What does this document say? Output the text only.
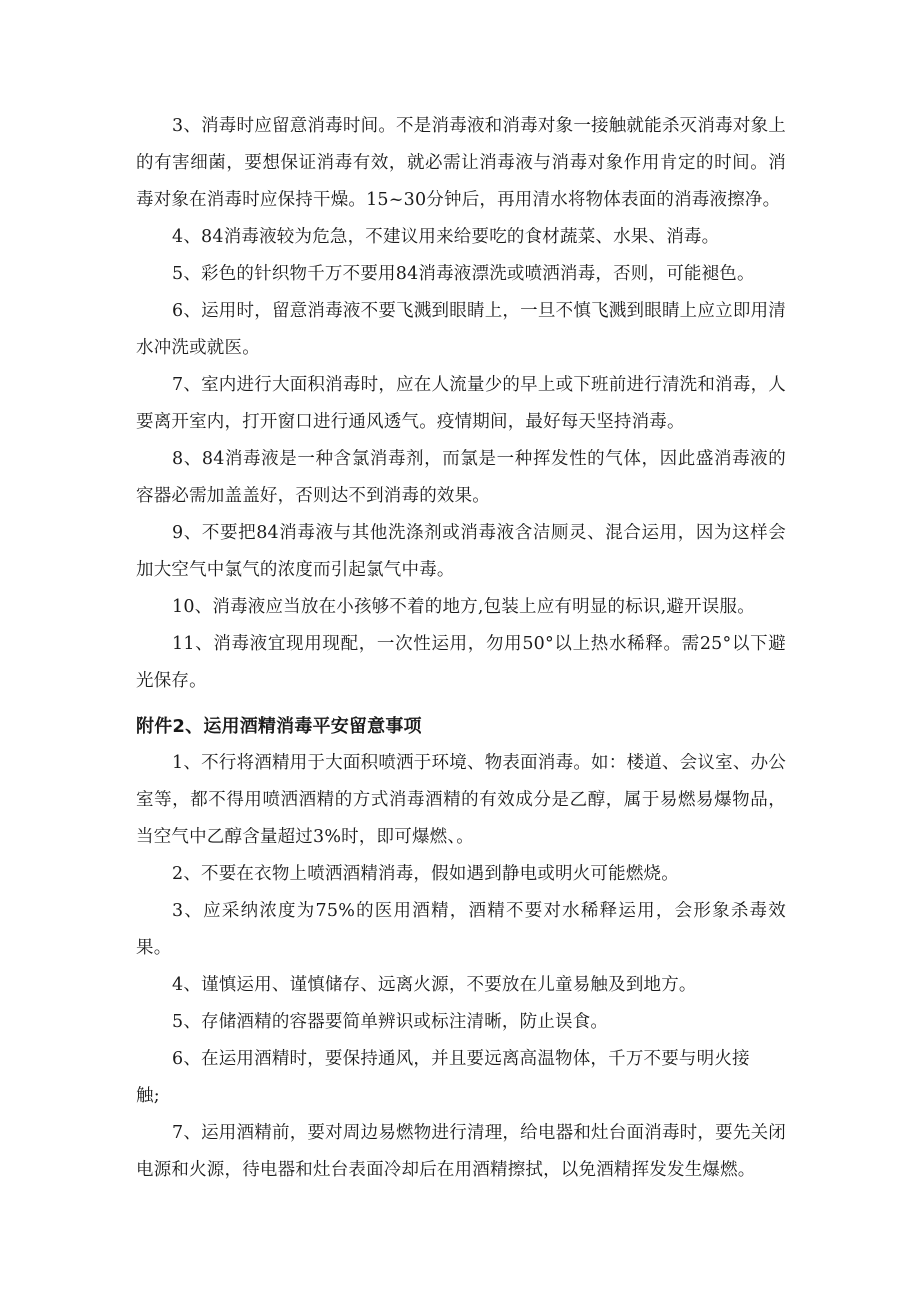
3、消毒时应留意消毒时间。不是消毒液和消毒对象一接触就能杀灭消毒对象上的有害细菌，要想保证消毒有效，就必需让消毒液与消毒对象作用肯定的时间。消毒对象在消毒时应保持干燥。15~30分钟后，再用清水将物体表面的消毒液擦净。

4、84消毒液较为危急，不建议用来给要吃的食材蔬菜、水果、消毒。

5、彩色的针织物千万不要用84消毒液漂洗或喷洒消毒，否则，可能褪色。

6、运用时，留意消毒液不要飞溅到眼睛上，一旦不慎飞溅到眼睛上应立即用清水冲洗或就医。

7、室内进行大面积消毒时，应在人流量少的早上或下班前进行清洗和消毒，人要离开室内，打开窗口进行通风透气。疫情期间，最好每天坚持消毒。

8、84消毒液是一种含氯消毒剂，而氯是一种挥发性的气体，因此盛消毒液的容器必需加盖盖好，否则达不到消毒的效果。

9、不要把84消毒液与其他洗涤剂或消毒液含洁厕灵、混合运用，因为这样会加大空气中氯气的浓度而引起氯气中毒。

10、消毒液应当放在小孩够不着的地方,包装上应有明显的标识,避开误服。

11、消毒液宜现用现配，一次性运用，勿用50°以上热水稀释。需25°以下避光保存。

附件2、运用酒精消毒平安留意事项

1、不行将酒精用于大面积喷洒于环境、物表面消毒。如：楼道、会议室、办公室等，都不得用喷洒酒精的方式消毒酒精的有效成分是乙醇，属于易燃易爆物品，当空气中乙醇含量超过3%时，即可爆燃、。

2、不要在衣物上喷洒酒精消毒，假如遇到静电或明火可能燃烧。

3、应采纳浓度为75%的医用酒精，酒精不要对水稀释运用，会形象杀毒效果。

4、谨慎运用、谨慎储存、远离火源，不要放在儿童易触及到地方。

5、存储酒精的容器要简单辨识或标注清晰，防止误食。

6、在运用酒精时，要保持通风，并且要远离高温物体，千万不要与明火接

触;

7、运用酒精前，要对周边易燃物进行清理，给电器和灶台面消毒时，要先关闭电源和火源，待电器和灶台表面冷却后在用酒精擦拭，以免酒精挥发发生爆燃。
